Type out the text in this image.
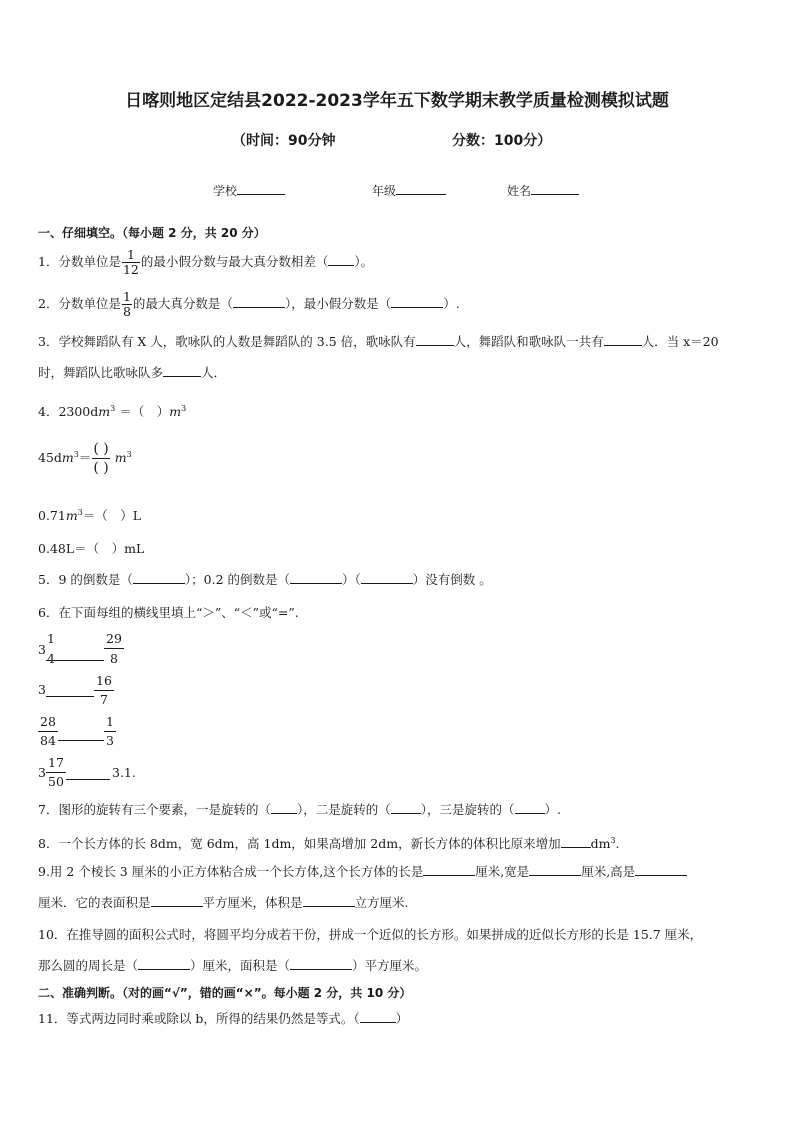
日喀则地区定结县2022-2023学年五下数学期末教学质量检测模拟试题
（时间：90分钟	分数：100分）
学校	年级	姓名
一、仔细填空。（每小题 2 分，共 20 分）
1．分数单位是 $\frac{1}{12}$ 的最小假分数与最大真分数相差（ ）。
2．分数单位是 $\frac{1}{8}$ 的最大真分数是（	），最小假分数是（	）.
3．学校舞蹈队有 X 人，歌咏队的人数是舞蹈队的 3.5 倍，歌咏队有	人，舞蹈队和歌咏队一共有	人．当 x＝20
时，舞蹈队比歌咏队多	人．
4．$2300dm^3$ ＝（　）$m^3$
$45dm^3= \frac{( )}{( )} m^3$
$0.71m^3=$（　）L
0.48L＝（　）mL
5．9 的倒数是（	）；0.2 的倒数是（	）（	）没有倒数 。
6．在下面每组的横线里填上“＞”、“＜”或“=”.
3
1
4
29
8
3
16
7
28
84
1
3
3
17
50
3.1.
7．图形的旋转有三个要素，一是旋转的（ ），二是旋转的（ ），三是旋转的（ ）.
8．一个长方体的长 8dm，宽 6dm，高 1dm，如果高增加 2dm，新长方体的体积比原来增加 $dm^3$.
9.用 2 个棱长 3 厘米的小正方体粘合成一个长方体,这个长方体的长是	厘米,宽是	厘米,高是
厘米．它的表面积是	平方厘米，体积是	立方厘米.
10．在推导圆的面积公式时，将圆平均分成若干份，拼成一个近似的长方形。如果拼成的近似长方形的长是 15.7 厘米，
那么圆的周长是（	）厘米，面积是（	）平方厘米。
二、准确判断。（对的画“√”，错的画“×”。每小题 2 分，共 10 分）
11．等式两边同时乘或除以 b，所得的结果仍然是等式。（	）
